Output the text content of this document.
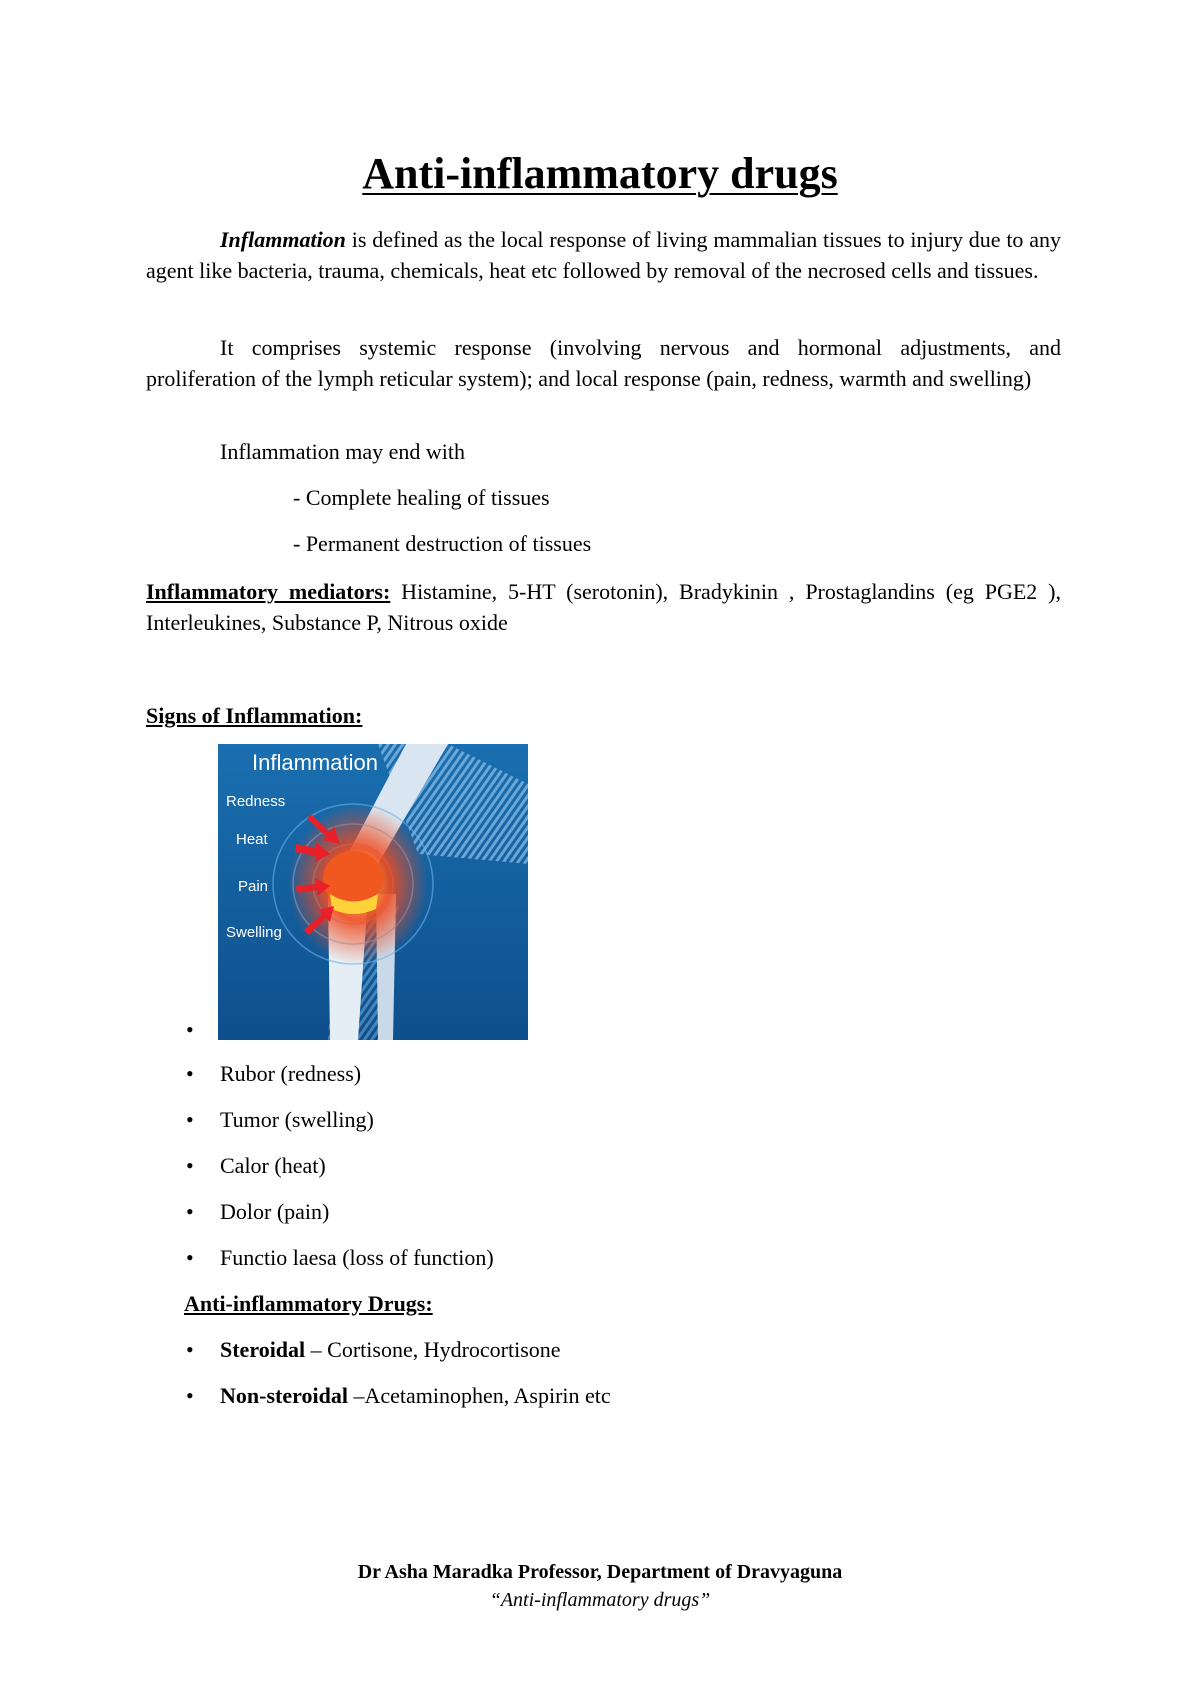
Anti-inflammatory drugs

Inflammation is defined as the local response of living mammalian tissues to injury due to any agent like bacteria, trauma, chemicals, heat etc followed by removal of the necrosed cells and tissues.

It comprises systemic response (involving nervous and hormonal adjustments, and proliferation of the lymph reticular system); and local response (pain, redness, warmth and swelling)

Inflammation may end with

- Complete healing of tissues

- Permanent destruction of tissues

Inflammatory mediators: Histamine, 5-HT (serotonin), Bradykinin , Prostaglandins (eg PGE2 ), Interleukines, Substance P, Nitrous oxide

Signs of Inflammation:

Inflammation
Redness
Heat
Pain
Swelling
•
• Rubor (redness)
• Tumor (swelling)
• Calor (heat)
• Dolor (pain)
• Functio laesa (loss of function)

Anti-inflammatory Drugs:

• Steroidal – Cortisone, Hydrocortisone
• Non-steroidal –Acetaminophen, Aspirin etc

Dr Asha Maradka Professor, Department of Dravyaguna

“Anti-inflammatory drugs”
